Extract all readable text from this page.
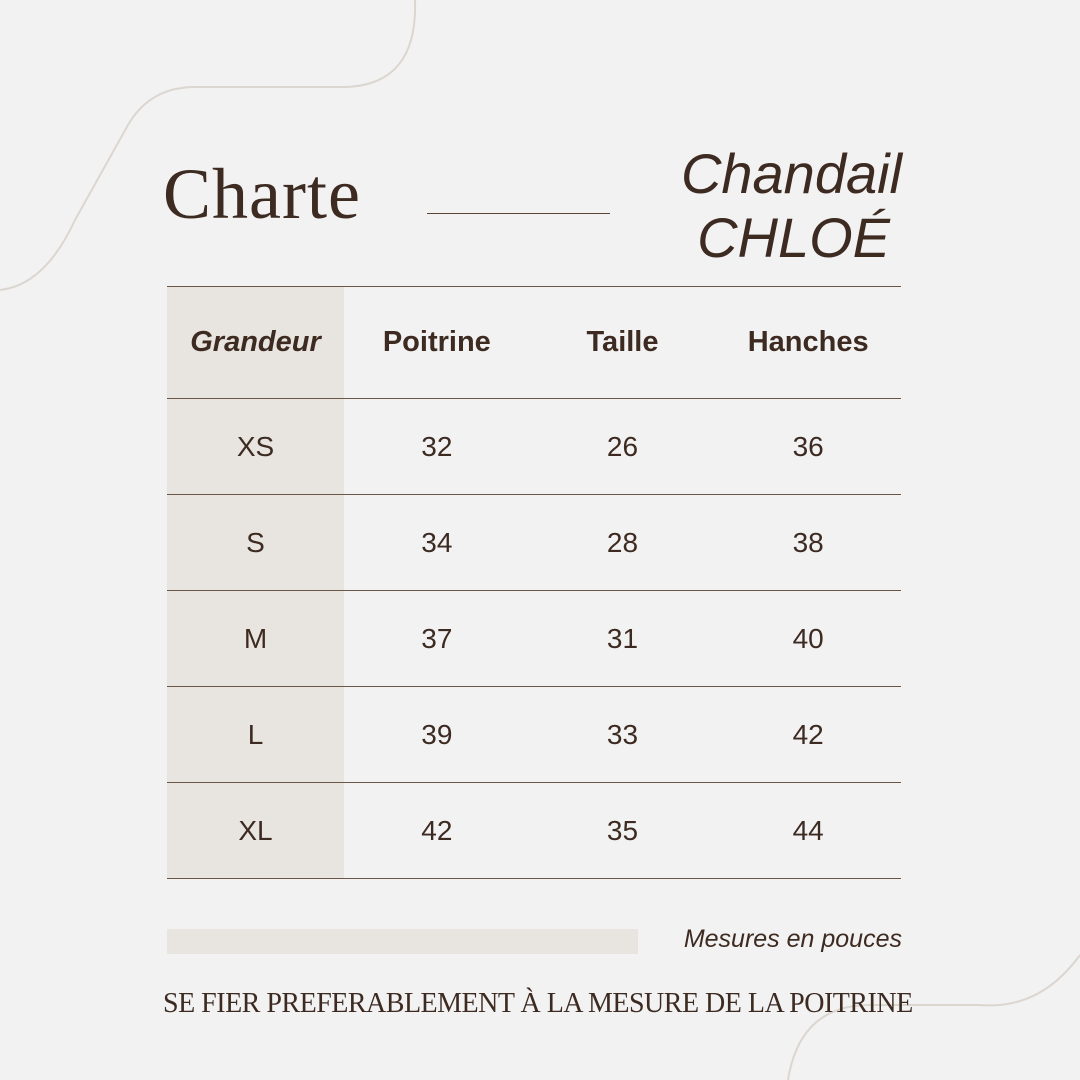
Charte	Chandail
CHLOÉ
Grandeur	Poitrine	Taille	Hanches
XS	32	26	36
S	34	28	38
M	37	31	40
L	39	33	42
XL	42	35	44
Mesures en pouces
SE FIER PREFERABLEMENT À LA MESURE DE LA POITRINE
